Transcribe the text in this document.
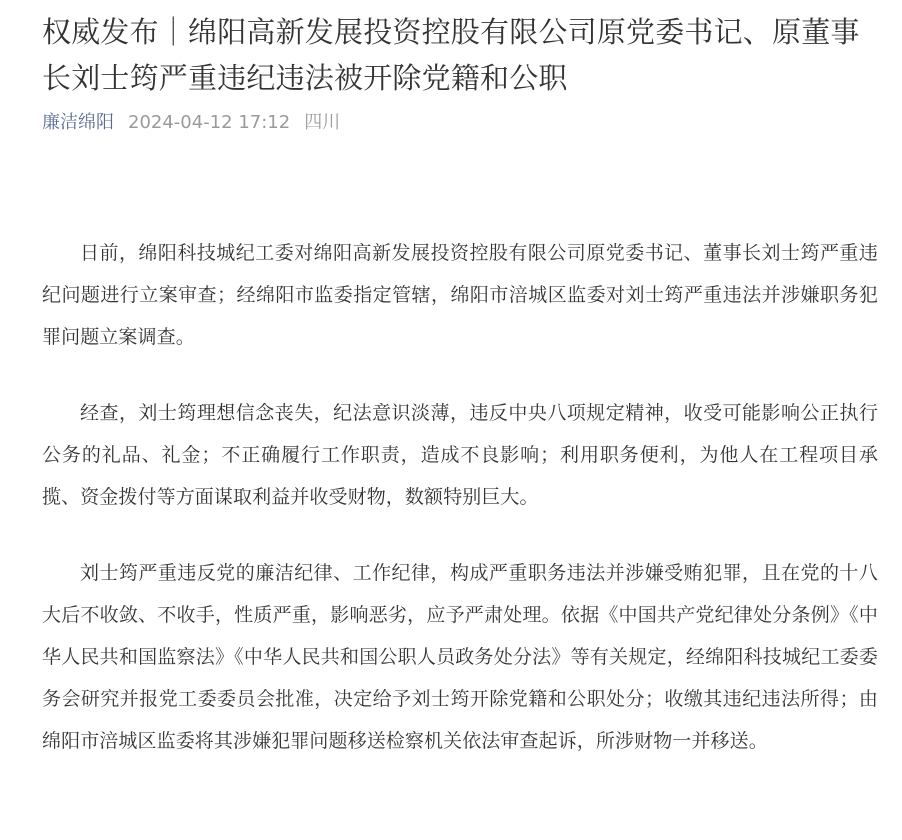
权威发布｜绵阳高新发展投资控股有限公司原党委书记、原董事长刘士筠严重违纪违法被开除党籍和公职
廉洁绵阳 2024-04-12 17:12 四川

日前，绵阳科技城纪工委对绵阳高新发展投资控股有限公司原党委书记、董事长刘士筠严重违纪问题进行立案审查；经绵阳市监委指定管辖，绵阳市涪城区监委对刘士筠严重违法并涉嫌职务犯罪问题立案调查。

经查，刘士筠理想信念丧失，纪法意识淡薄，违反中央八项规定精神，收受可能影响公正执行公务的礼品、礼金；不正确履行工作职责，造成不良影响；利用职务便利，为他人在工程项目承揽、资金拨付等方面谋取利益并收受财物，数额特别巨大。

刘士筠严重违反党的廉洁纪律、工作纪律，构成严重职务违法并涉嫌受贿犯罪，且在党的十八大后不收敛、不收手，性质严重，影响恶劣，应予严肃处理。依据《中国共产党纪律处分条例》《中华人民共和国监察法》《中华人民共和国公职人员政务处分法》等有关规定，经绵阳科技城纪工委委务会研究并报党工委委员会批准，决定给予刘士筠开除党籍和公职处分；收缴其违纪违法所得；由绵阳市涪城区监委将其涉嫌犯罪问题移送检察机关依法审查起诉，所涉财物一并移送。
